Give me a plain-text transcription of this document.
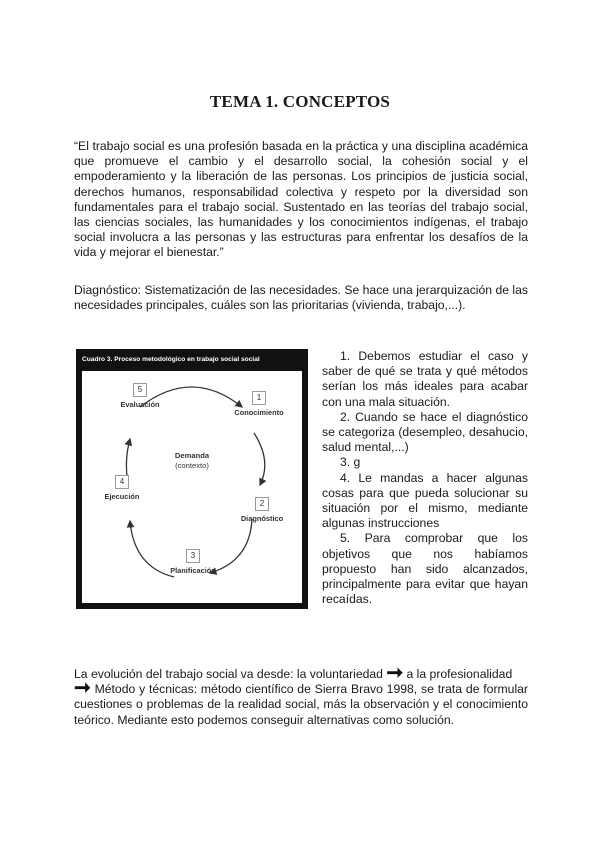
TEMA 1. CONCEPTOS

“El trabajo social es una profesión basada en la práctica y una disciplina académica que promueve el cambio y el desarrollo social, la cohesión social y el empoderamiento y la liberación de las personas. Los principios de justicia social, derechos humanos, responsabilidad colectiva y respeto por la diversidad son fundamentales para el trabajo social. Sustentado en las teorías del trabajo social, las ciencias sociales, las humanidades y los conocimientos indígenas, el trabajo social involucra a las personas y las estructuras para enfrentar los desafíos de la vida y mejorar el bienestar.”

Diagnóstico: Sistematización de las necesidades. Se hace una jerarquización de las necesidades principales, cuáles son las prioritarias (vivienda, trabajo,...).

Cuadro 3. Proceso metodológico en trabajo social social
5
Evaluación
1
Conocimiento
2
Diagnóstico
3
Planificación
4
Ejecución
Demanda
(contexto)
1. Debemos estudiar el caso y saber de qué se trata y qué métodos serían los más ideales para acabar con una mala situación.
2. Cuando se hace el diagnóstico se categoriza (desempleo, desahucio, salud mental,...)
3. g
4. Le mandas a hacer algunas cosas para que pueda solucionar su situación por el mismo, mediante algunas instrucciones
5. Para comprobar que los objetivos que nos habíamos propuesto han sido alcanzados, principalmente para evitar que hayan recaídas.

La evolución del trabajo social va desde: la voluntariedad ➞ a la profesionalidad
➞ Método y técnicas: método científico de Sierra Bravo 1998, se trata de formular cuestiones o problemas de la realidad social, más la observación y el conocimiento teórico. Mediante esto podemos conseguir alternativas como solución.
